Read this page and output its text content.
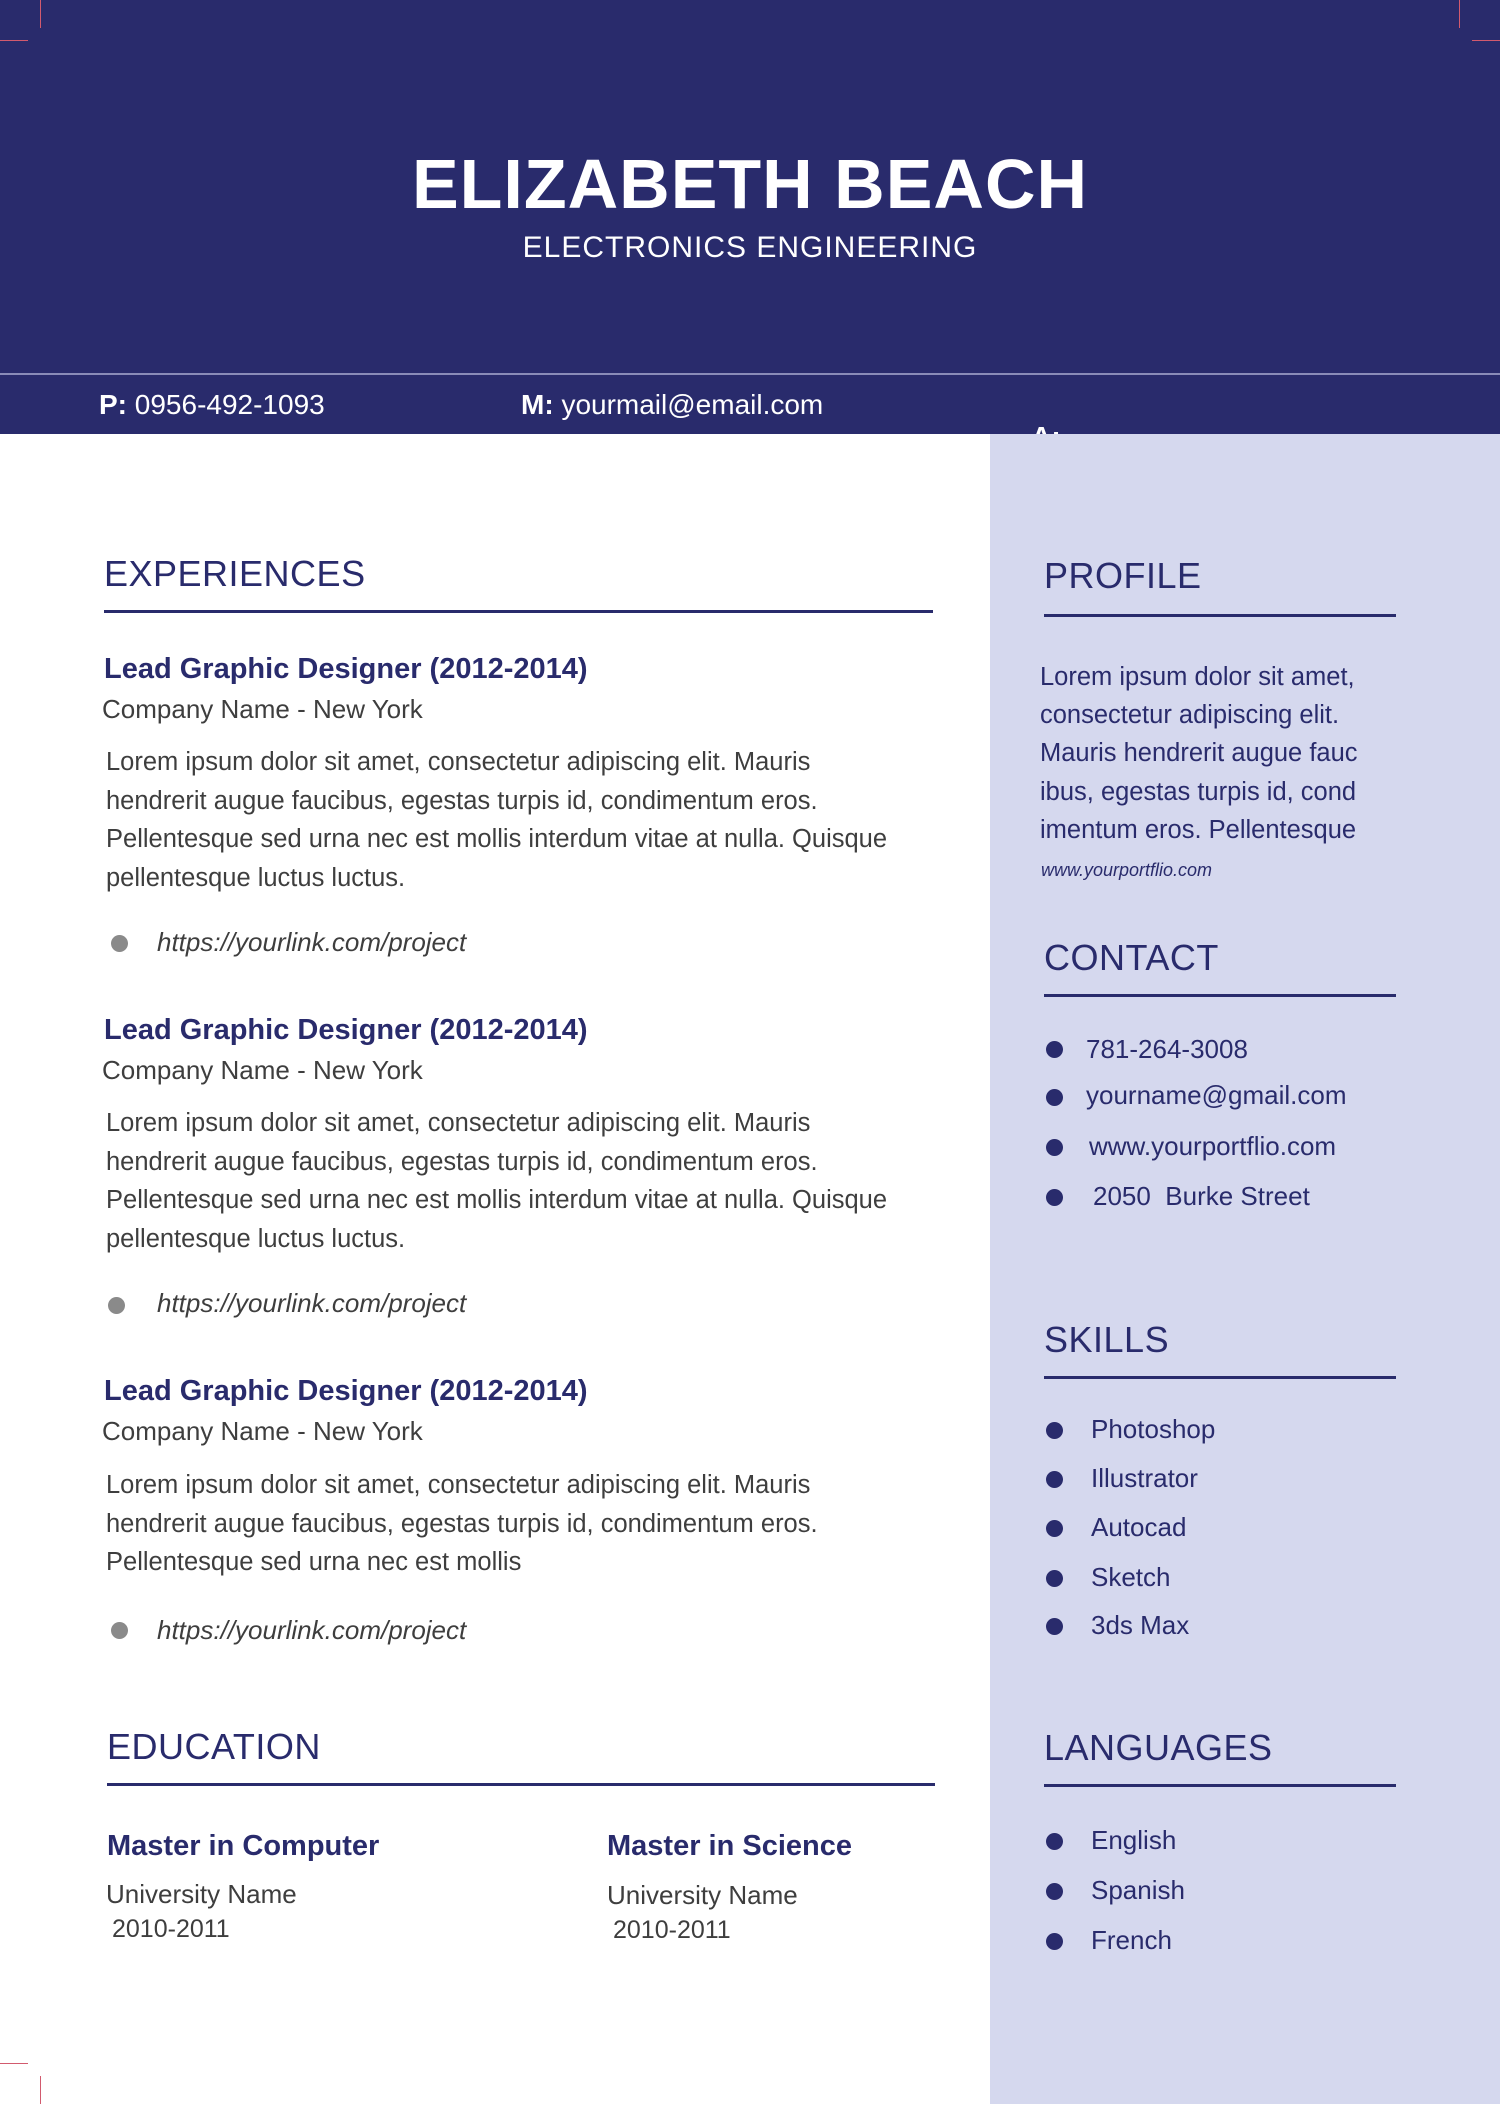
ELIZABETH BEACH
ELECTRONICS ENGINEERING
P: 0956-492-1093	M: yourmail@email.com

EXPERIENCES
Lead Graphic Designer (2012-2014)
Company Name - New York
Lorem ipsum dolor sit amet, consectetur adipiscing elit. Mauris hendrerit augue faucibus, egestas turpis id, condimentum eros. Pellentesque sed urna nec est mollis interdum vitae at nulla. Quisque pellentesque luctus luctus.
https://yourlink.com/project
Lead Graphic Designer (2012-2014)
Company Name - New York
Lorem ipsum dolor sit amet, consectetur adipiscing elit. Mauris hendrerit augue faucibus, egestas turpis id, condimentum eros. Pellentesque sed urna nec est mollis interdum vitae at nulla. Quisque pellentesque luctus luctus.
https://yourlink.com/project
Lead Graphic Designer (2012-2014)
Company Name - New York
Lorem ipsum dolor sit amet, consectetur adipiscing elit. Mauris hendrerit augue faucibus, egestas turpis id, condimentum eros. Pellentesque sed urna nec est mollis
https://yourlink.com/project
EDUCATION
Master in Computer
University Name
2010-2011
Master in Science
University Name
2010-2011
PROFILE
Lorem ipsum dolor sit amet, consectetur adipiscing elit. Mauris hendrerit augue fauc ibus, egestas turpis id, cond imentum eros. Pellentesque
www.yourportflio.com
CONTACT
781-264-3008
yourname@gmail.com
www.yourportflio.com
2050  Burke Street
SKILLS
Photoshop
Illustrator
Autocad
Sketch
3ds Max
LANGUAGES
English
Spanish
French
